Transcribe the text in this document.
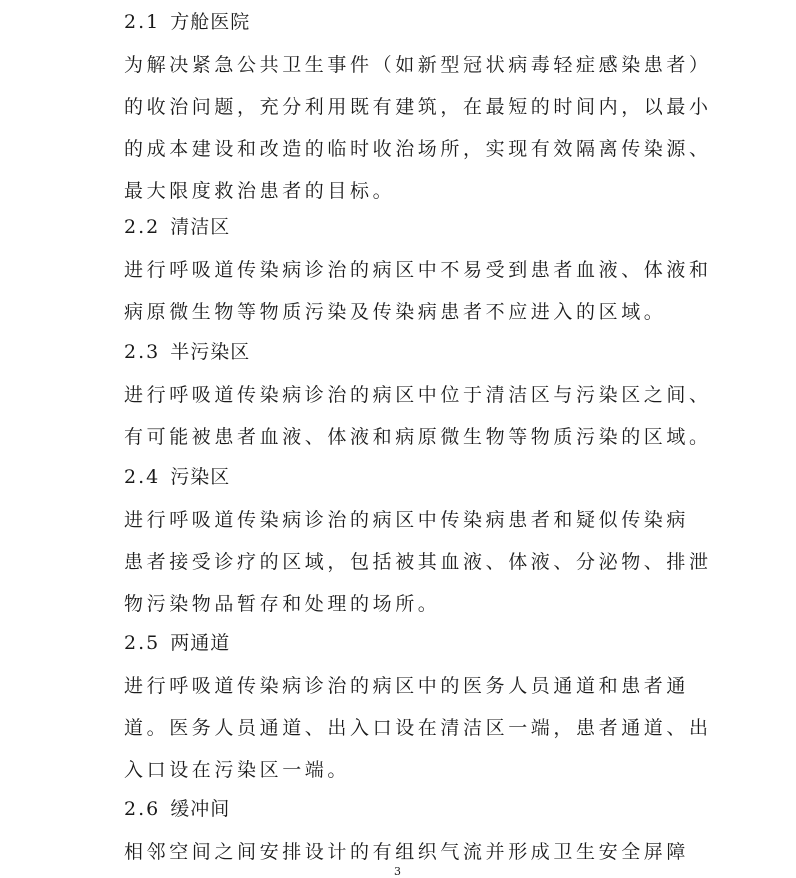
2.1 方舱医院

为解决紧急公共卫生事件（如新型冠状病毒轻症感染患者）
的收治问题，充分利用既有建筑，在最短的时间内，以最小
的成本建设和改造的临时收治场所，实现有效隔离传染源、
最大限度救治患者的目标。

2.2 清洁区

进行呼吸道传染病诊治的病区中不易受到患者血液、体液和
病原微生物等物质污染及传染病患者不应进入的区域。

2.3 半污染区

进行呼吸道传染病诊治的病区中位于清洁区与污染区之间、
有可能被患者血液、体液和病原微生物等物质污染的区域。

2.4 污染区

进行呼吸道传染病诊治的病区中传染病患者和疑似传染病
患者接受诊疗的区域，包括被其血液、体液、分泌物、排泄
物污染物品暂存和处理的场所。

2.5 两通道

进行呼吸道传染病诊治的病区中的医务人员通道和患者通
道。医务人员通道、出入口设在清洁区一端，患者通道、出
入口设在污染区一端。

2.6 缓冲间

相邻空间之间安排设计的有组织气流并形成卫生安全屏障

3
